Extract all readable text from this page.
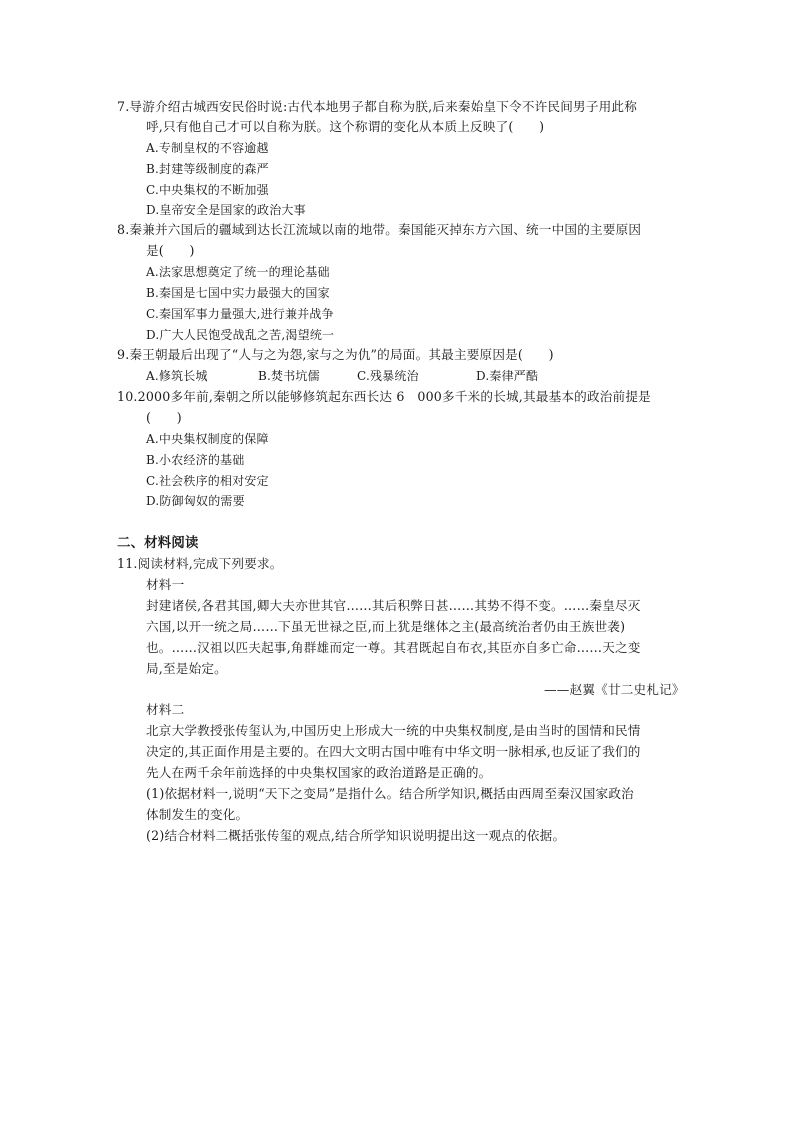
7.导游介绍古城西安民俗时说:古代本地男子都自称为朕,后来秦始皇下令不许民间男子用此称
呼,只有他自己才可以自称为朕。这个称谓的变化从本质上反映了(　　)
A.专制皇权的不容逾越
B.封建等级制度的森严
C.中央集权的不断加强
D.皇帝安全是国家的政治大事
8.秦兼并六国后的疆域到达长江流域以南的地带。秦国能灭掉东方六国、统一中国的主要原因
是(　　)
A.法家思想奠定了统一的理论基础
B.秦国是七国中实力最强大的国家
C.秦国军事力量强大,进行兼并战争
D.广大人民饱受战乱之苦,渴望统一
9.秦王朝最后出现了“人与之为怨,家与之为仇”的局面。其最主要原因是(　　)
A.修筑长城	B.焚书坑儒	C.残暴统治	D.秦律严酷
10.2000多年前,秦朝之所以能够修筑起东西长达 6　000多千米的长城,其最基本的政治前提是
(　　)
A.中央集权制度的保障
B.小农经济的基础
C.社会秩序的相对安定
D.防御匈奴的需要
二、材料阅读
11.阅读材料,完成下列要求。
材料一
封建诸侯,各君其国,卿大夫亦世其官……其后积弊日甚……其势不得不变。……秦皇尽灭
六国,以开一统之局……下虽无世禄之臣,而上犹是继体之主(最高统治者仍由王族世袭)
也。……汉祖以匹夫起事,角群雄而定一尊。其君既起自布衣,其臣亦自多亡命……天之变
局,至是始定。
——赵翼《廿二史札记》
材料二
北京大学教授张传玺认为,中国历史上形成大一统的中央集权制度,是由当时的国情和民情
决定的,其正面作用是主要的。在四大文明古国中唯有中华文明一脉相承,也反证了我们的
先人在两千余年前选择的中央集权国家的政治道路是正确的。
(1)依据材料一,说明“天下之变局”是指什么。结合所学知识,概括由西周至秦汉国家政治
体制发生的变化。
(2)结合材料二概括张传玺的观点,结合所学知识说明提出这一观点的依据。
